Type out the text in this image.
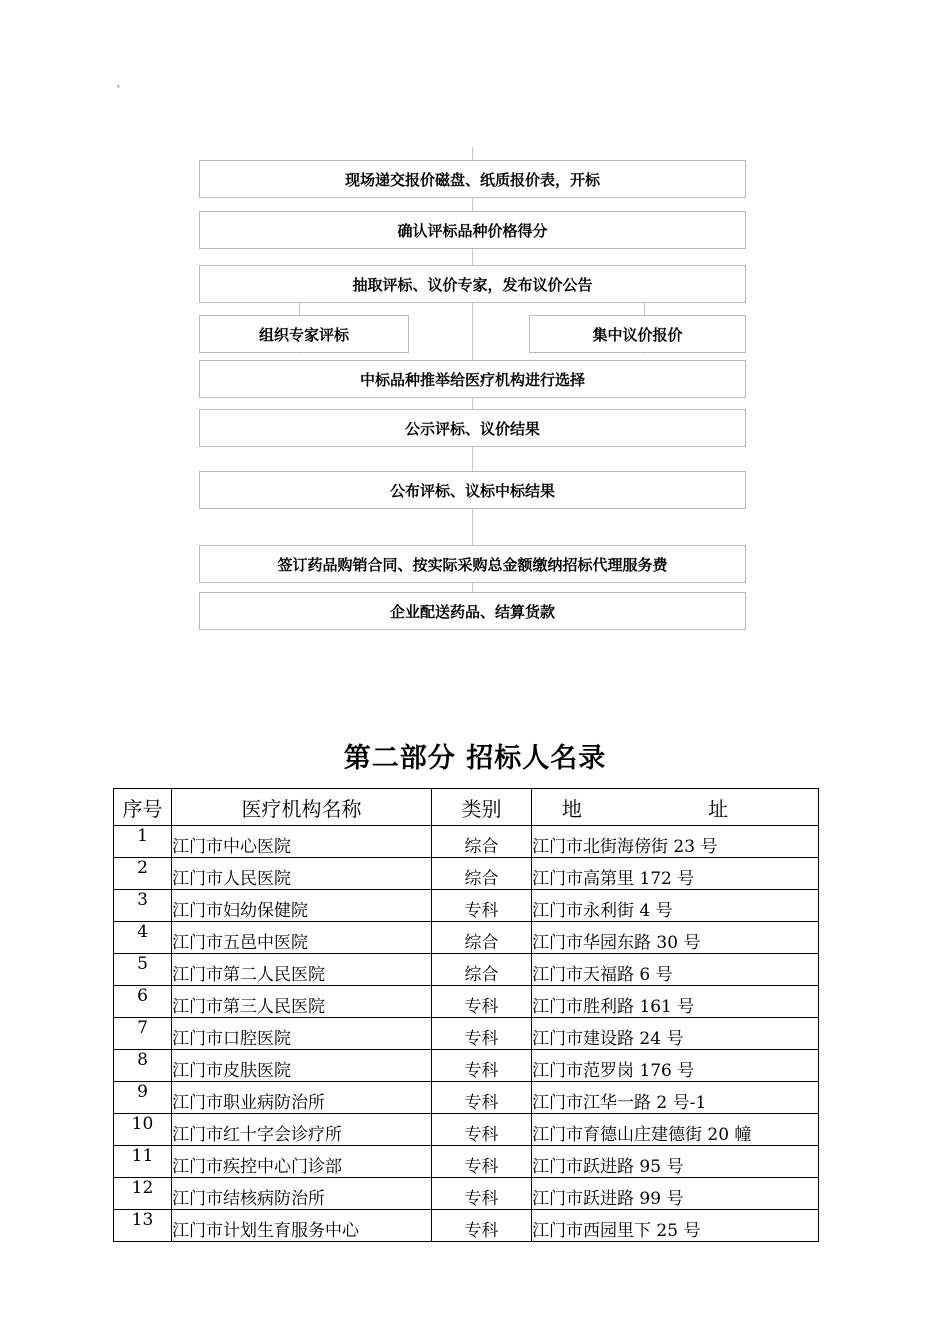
`
现场递交报价磁盘、纸质报价表，开标
确认评标品种价格得分
抽取评标、议价专家，发布议价公告
组织专家评标	集中议价报价
中标品种推举给医疗机构进行选择
公示评标、议价结果
公布评标、议标中标结果
签订药品购销合同、按实际采购总金额缴纳招标代理服务费
企业配送药品、结算货款
第二部分 招标人名录
序号	医疗机构名称	类别	地 址
1	江门市中心医院	综合	江门市北街海傍街 23 号
2	江门市人民医院	综合	江门市高第里 172 号
3	江门市妇幼保健院	专科	江门市永利街 4 号
4	江门市五邑中医院	综合	江门市华园东路 30 号
5	江门市第二人民医院	综合	江门市天福路 6 号
6	江门市第三人民医院	专科	江门市胜利路 161 号
7	江门市口腔医院	专科	江门市建设路 24 号
8	江门市皮肤医院	专科	江门市范罗岗 176 号
9	江门市职业病防治所	专科	江门市江华一路 2 号-1
10	江门市红十字会诊疗所	专科	江门市育德山庄建德街 20 幢
11	江门市疾控中心门诊部	专科	江门市跃进路 95 号
12	江门市结核病防治所	专科	江门市跃进路 99 号
13	江门市计划生育服务中心	专科	江门市西园里下 25 号
